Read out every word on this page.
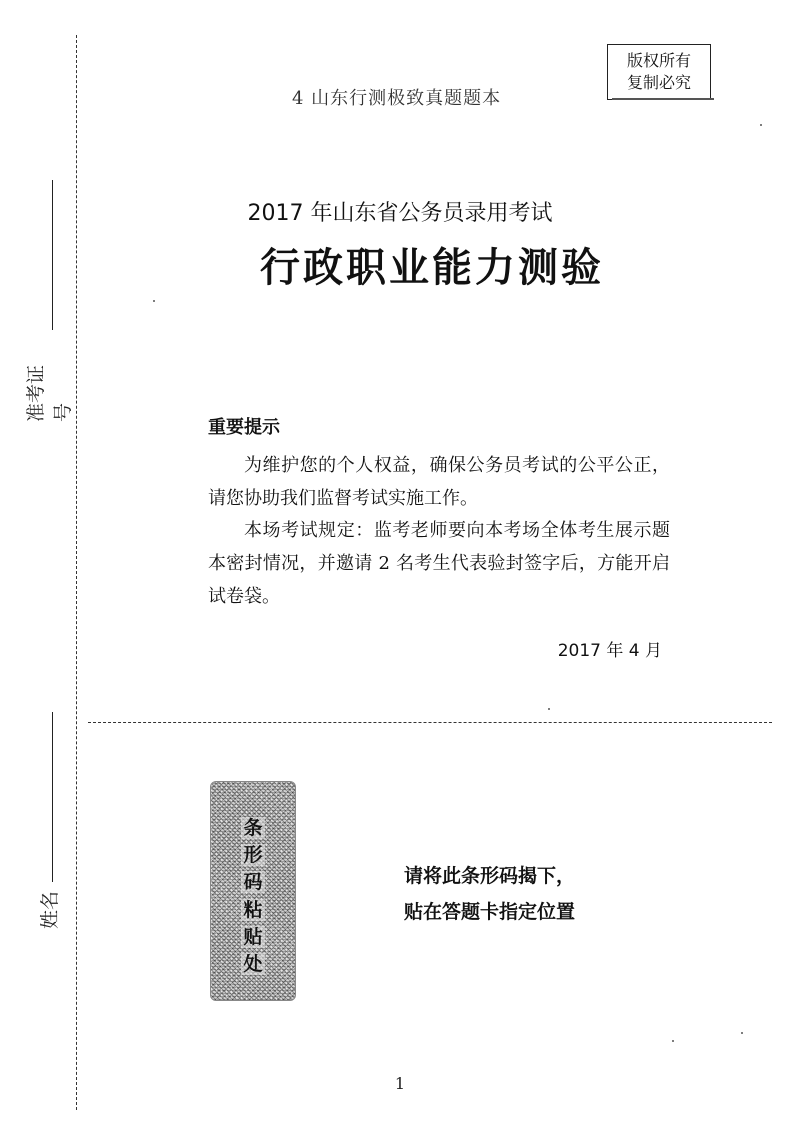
准考证号
姓名
4 山东行测极致真题题本
版权所有
复制必究
2017 年山东省公务员录用考试
行政职业能力测验
重要提示
为维护您的个人权益，确保公务员考试的公平公正，请您协助我们监督考试实施工作。
本场考试规定：监考老师要向本考场全体考生展示题本密封情况，并邀请 2 名考生代表验封签字后，方能开启试卷袋。
2017 年 4 月
条
形
码
粘
贴
处
请将此条形码揭下，
贴在答题卡指定位置
1
